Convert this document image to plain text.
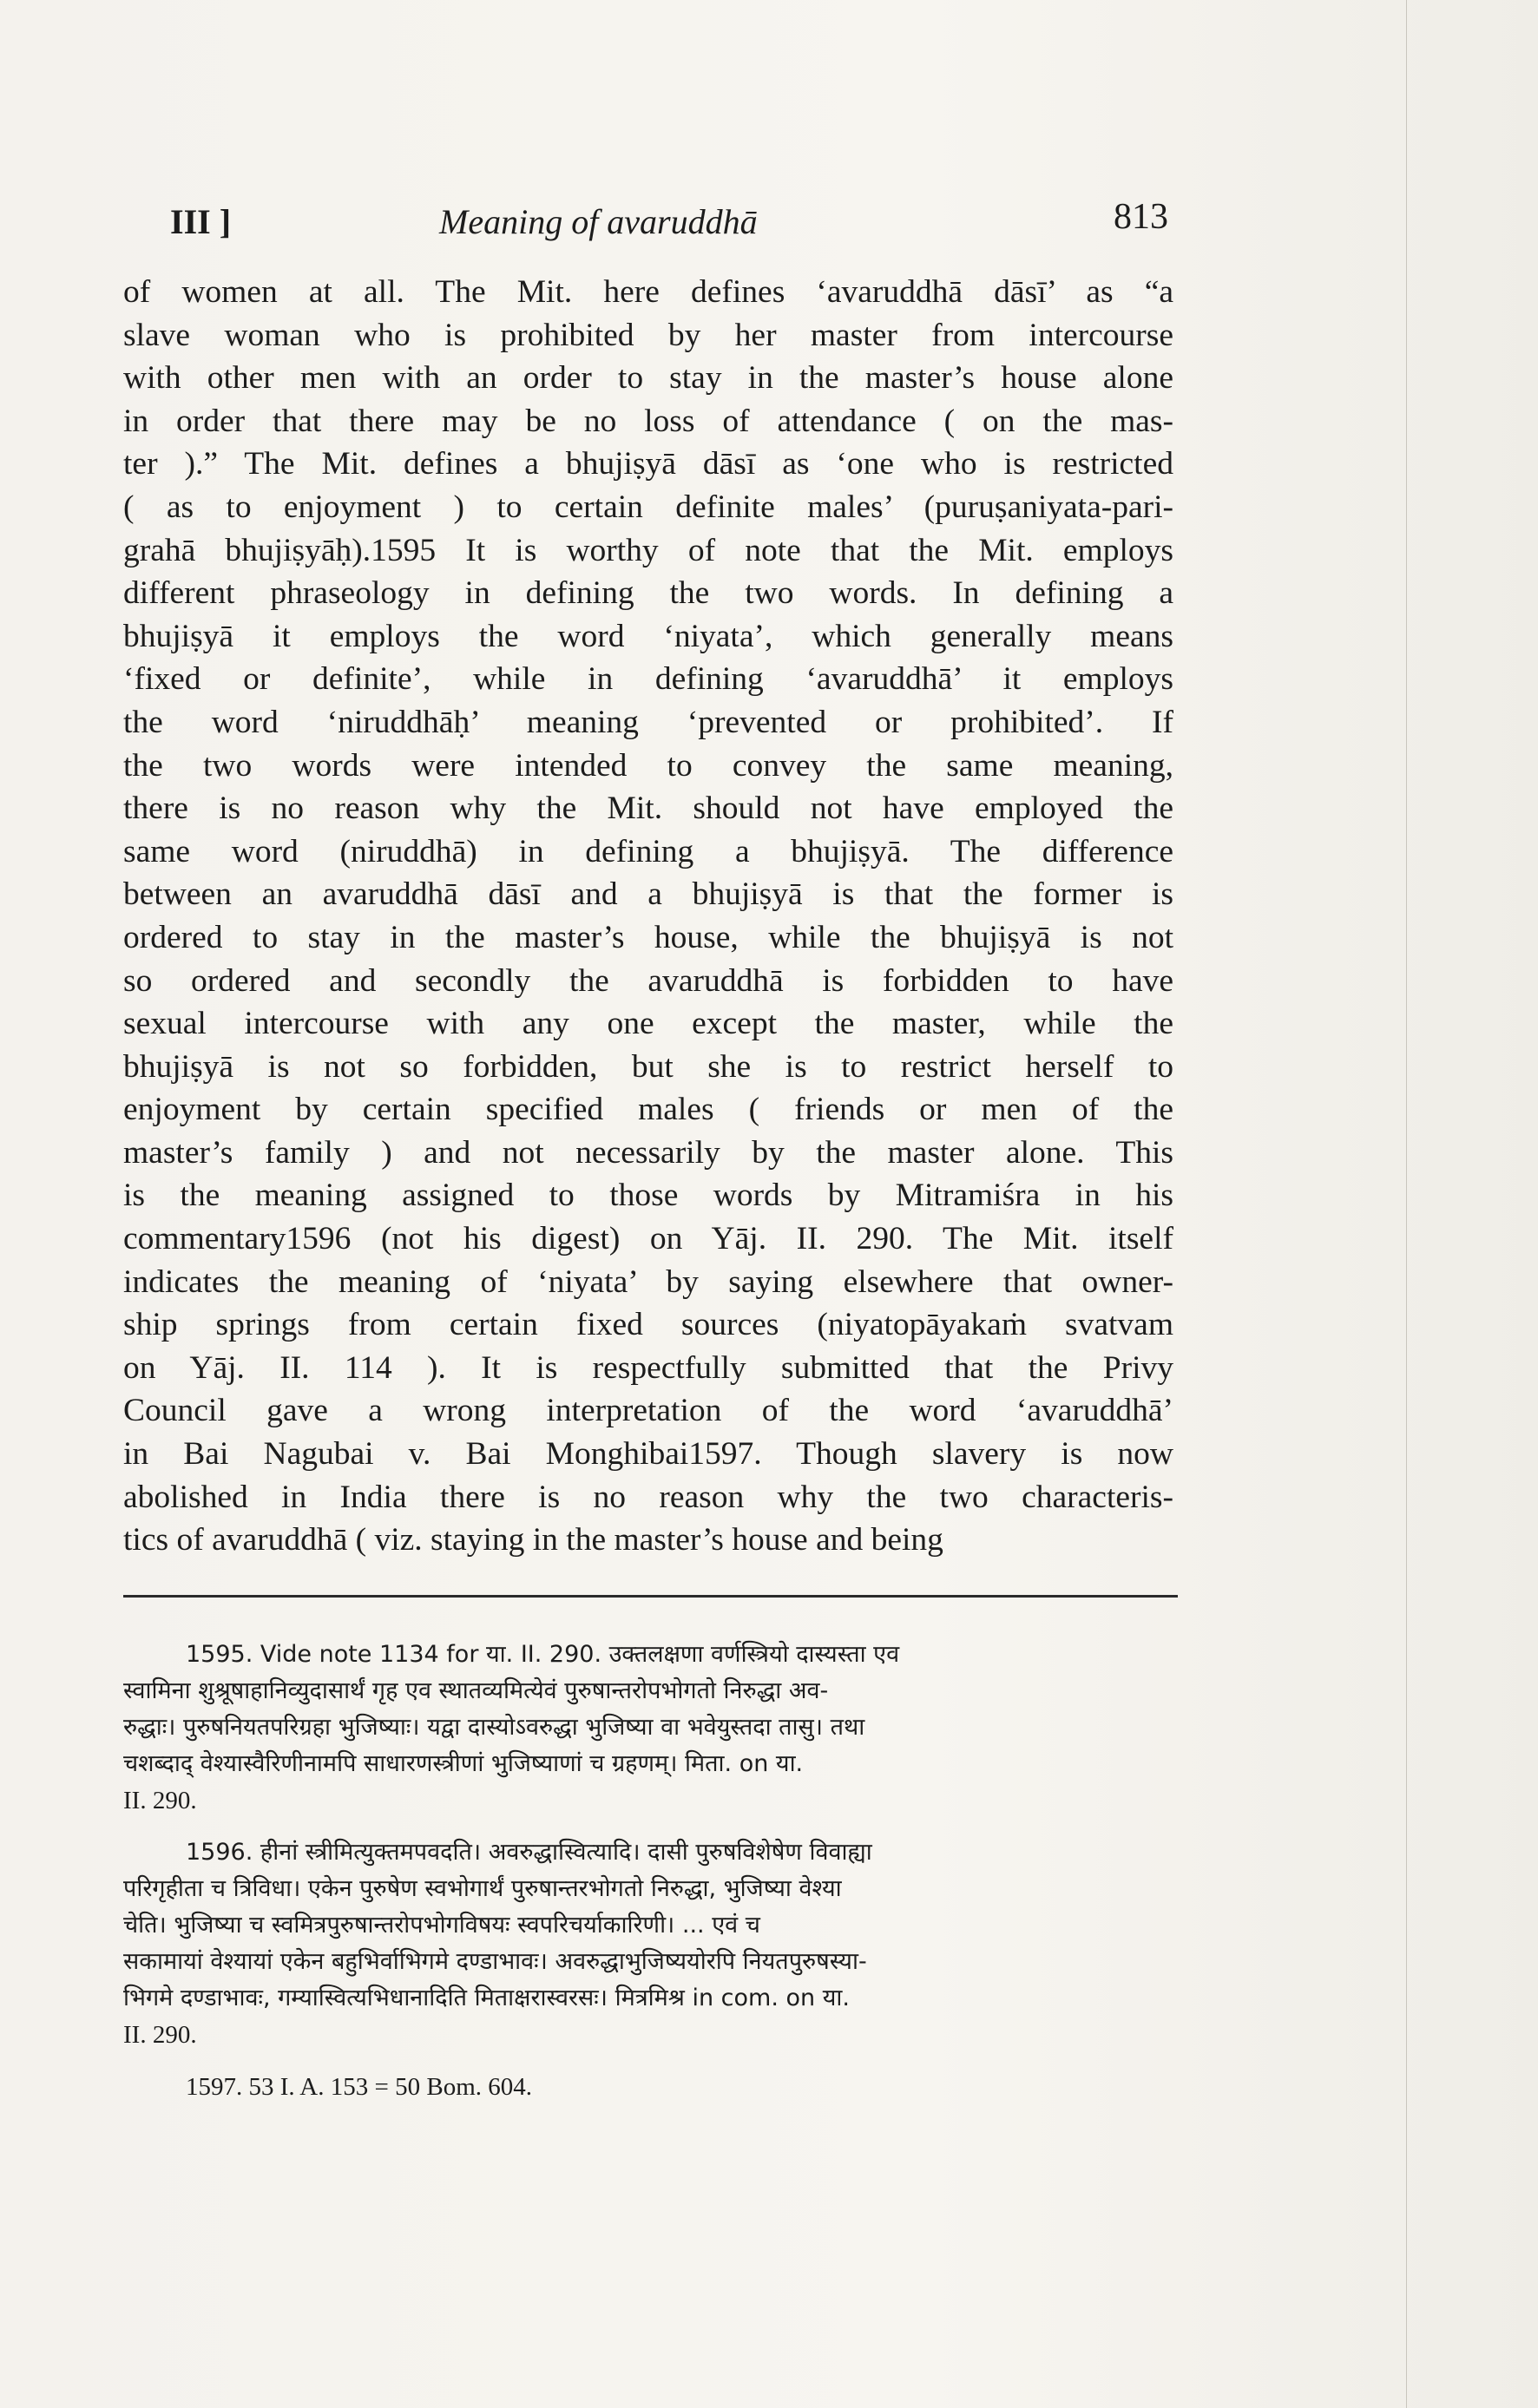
III ]	Meaning of avaruddhā	813
of women at all. The Mit. here defines ‘avaruddhā dāsī’ as “a
slave woman who is prohibited by her master from intercourse
with other men with an order to stay in the master’s house alone
in order that there may be no loss of attendance ( on the mas-
ter ).” The Mit. defines a bhujiṣyā dāsī as ‘one who is restricted
( as to enjoyment ) to certain definite males’ (puruṣaniyata-pari-
grahā bhujiṣyāḥ).1595 It is worthy of note that the Mit. employs
different phraseology in defining the two words. In defining a
bhujiṣyā it employs the word ‘niyata’, which generally means
‘fixed or definite’, while in defining ‘avaruddhā’ it employs
the word ‘niruddhāḥ’ meaning ‘prevented or prohibited’. If
the two words were intended to convey the same meaning,
there is no reason why the Mit. should not have employed the
same word (niruddhā) in defining a bhujiṣyā. The difference
between an avaruddhā dāsī and a bhujiṣyā is that the former is
ordered to stay in the master’s house, while the bhujiṣyā is not
so ordered and secondly the avaruddhā is forbidden to have
sexual intercourse with any one except the master, while the
bhujiṣyā is not so forbidden, but she is to restrict herself to
enjoyment by certain specified males ( friends or men of the
master’s family ) and not necessarily by the master alone. This
is the meaning assigned to those words by Mitramiśra in his
commentary1596 (not his digest) on Yāj. II. 290. The Mit. itself
indicates the meaning of ‘niyata’ by saying elsewhere that owner-
ship springs from certain fixed sources (niyatopāyakaṁ svatvam
on Yāj. II. 114 ). It is respectfully submitted that the Privy
Council gave a wrong interpretation of the word ‘avaruddhā’
in Bai Nagubai v. Bai Monghibai1597. Though slavery is now
abolished in India there is no reason why the two characteris-
tics of avaruddhā ( viz. staying in the master’s house and being
1595. Vide note 1134 for या. II. 290. उक्तलक्षणा वर्णस्त्रियो दास्यस्ता एव
स्वामिना शुश्रूषाहानिव्युदासार्थं गृह एव स्थातव्यमित्येवं पुरुषान्तरोपभोगतो निरुद्धा अव-
रुद्धाः। पुरुषनियतपरिग्रहा भुजिष्याः। यद्वा दास्योऽवरुद्धा भुजिष्या वा भवेयुस्तदा तासु। तथा
चशब्दाद् वेश्यास्वैरिणीनामपि साधारणस्त्रीणां भुजिष्याणां च ग्रहणम्। मिता. on या.
II. 290.
1596. हीनां स्त्रीमित्युक्तमपवदति। अवरुद्धास्वित्यादि। दासी पुरुषविशेषेण विवाह्या
परिगृहीता च त्रिविधा। एकेन पुरुषेण स्वभोगार्थं पुरुषान्तरभोगतो निरुद्धा, भुजिष्या वेश्या
चेति। भुजिष्या च स्वमित्रपुरुषान्तरोपभोगविषयः स्वपरिचर्याकारिणी। ... एवं च
सकामायां वेश्यायां एकेन बहुभिर्वाभिगमे दण्डाभावः। अवरुद्धाभुजिष्ययोरपि नियतपुरुषस्या-
भिगमे दण्डाभावः, गम्यास्वित्यभिधानादिति मिताक्षरास्वरसः। मित्रमिश्र in com. on या.
II. 290.
1597. 53 I. A. 153 = 50 Bom. 604.
